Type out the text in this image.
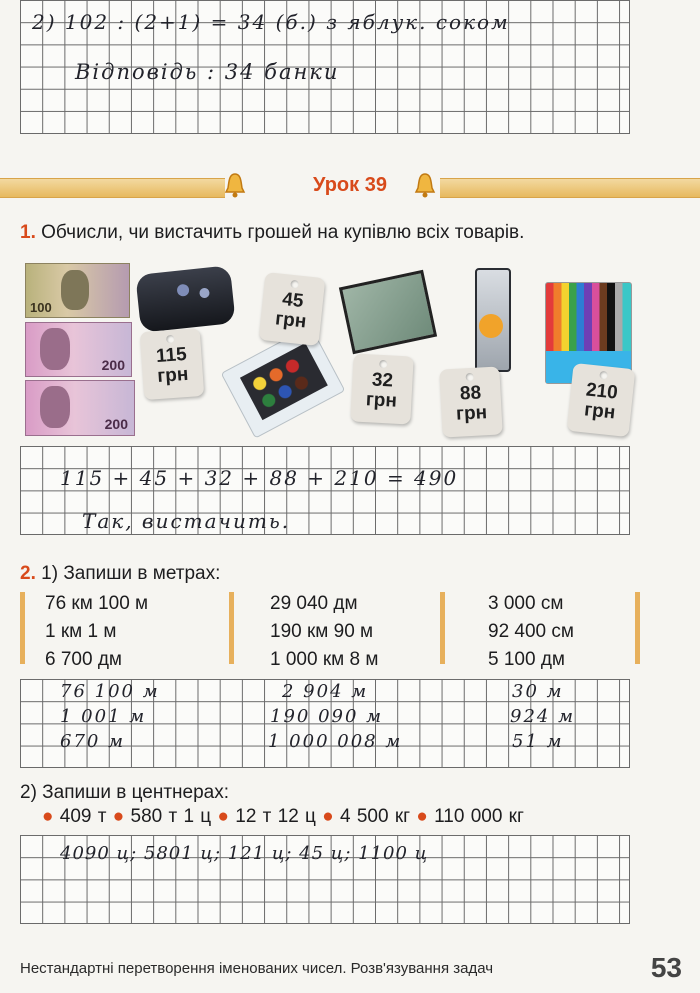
2) 102 : (2+1) = 34 (б.) з яблук. соком
Відповідь : 34 банки
Урок 39
1. Обчисли, чи вистачить грошей на купівлю всіх товарів.
100
200
200
115
грн
45
грн
32
грн	88
грн
210
грн
115 + 45 + 32 + 88 + 210 = 490
Так, вистачить.
2. 1) Запиши в метрах:
76 км 100 м
1 км 1 м
6 700 дм
29 040 дм
190 км 90 м
1 000 км 8 м
3 000 см
92 400 см
5 100 дм
76 100 м
1 001 м
670 м
2 904 м
190 090 м
1 000 008 м
30 м
924 м
51 м
2) Запиши в центнерах:
● 409 т ● 580 т 1 ц ● 12 т 12 ц ● 4 500 кг ● 110 000 кг
4090 ц; 5801 ц; 121 ц; 45 ц; 1100 ц
Нестандартні перетворення іменованих чисел. Розв'язування задач	53
